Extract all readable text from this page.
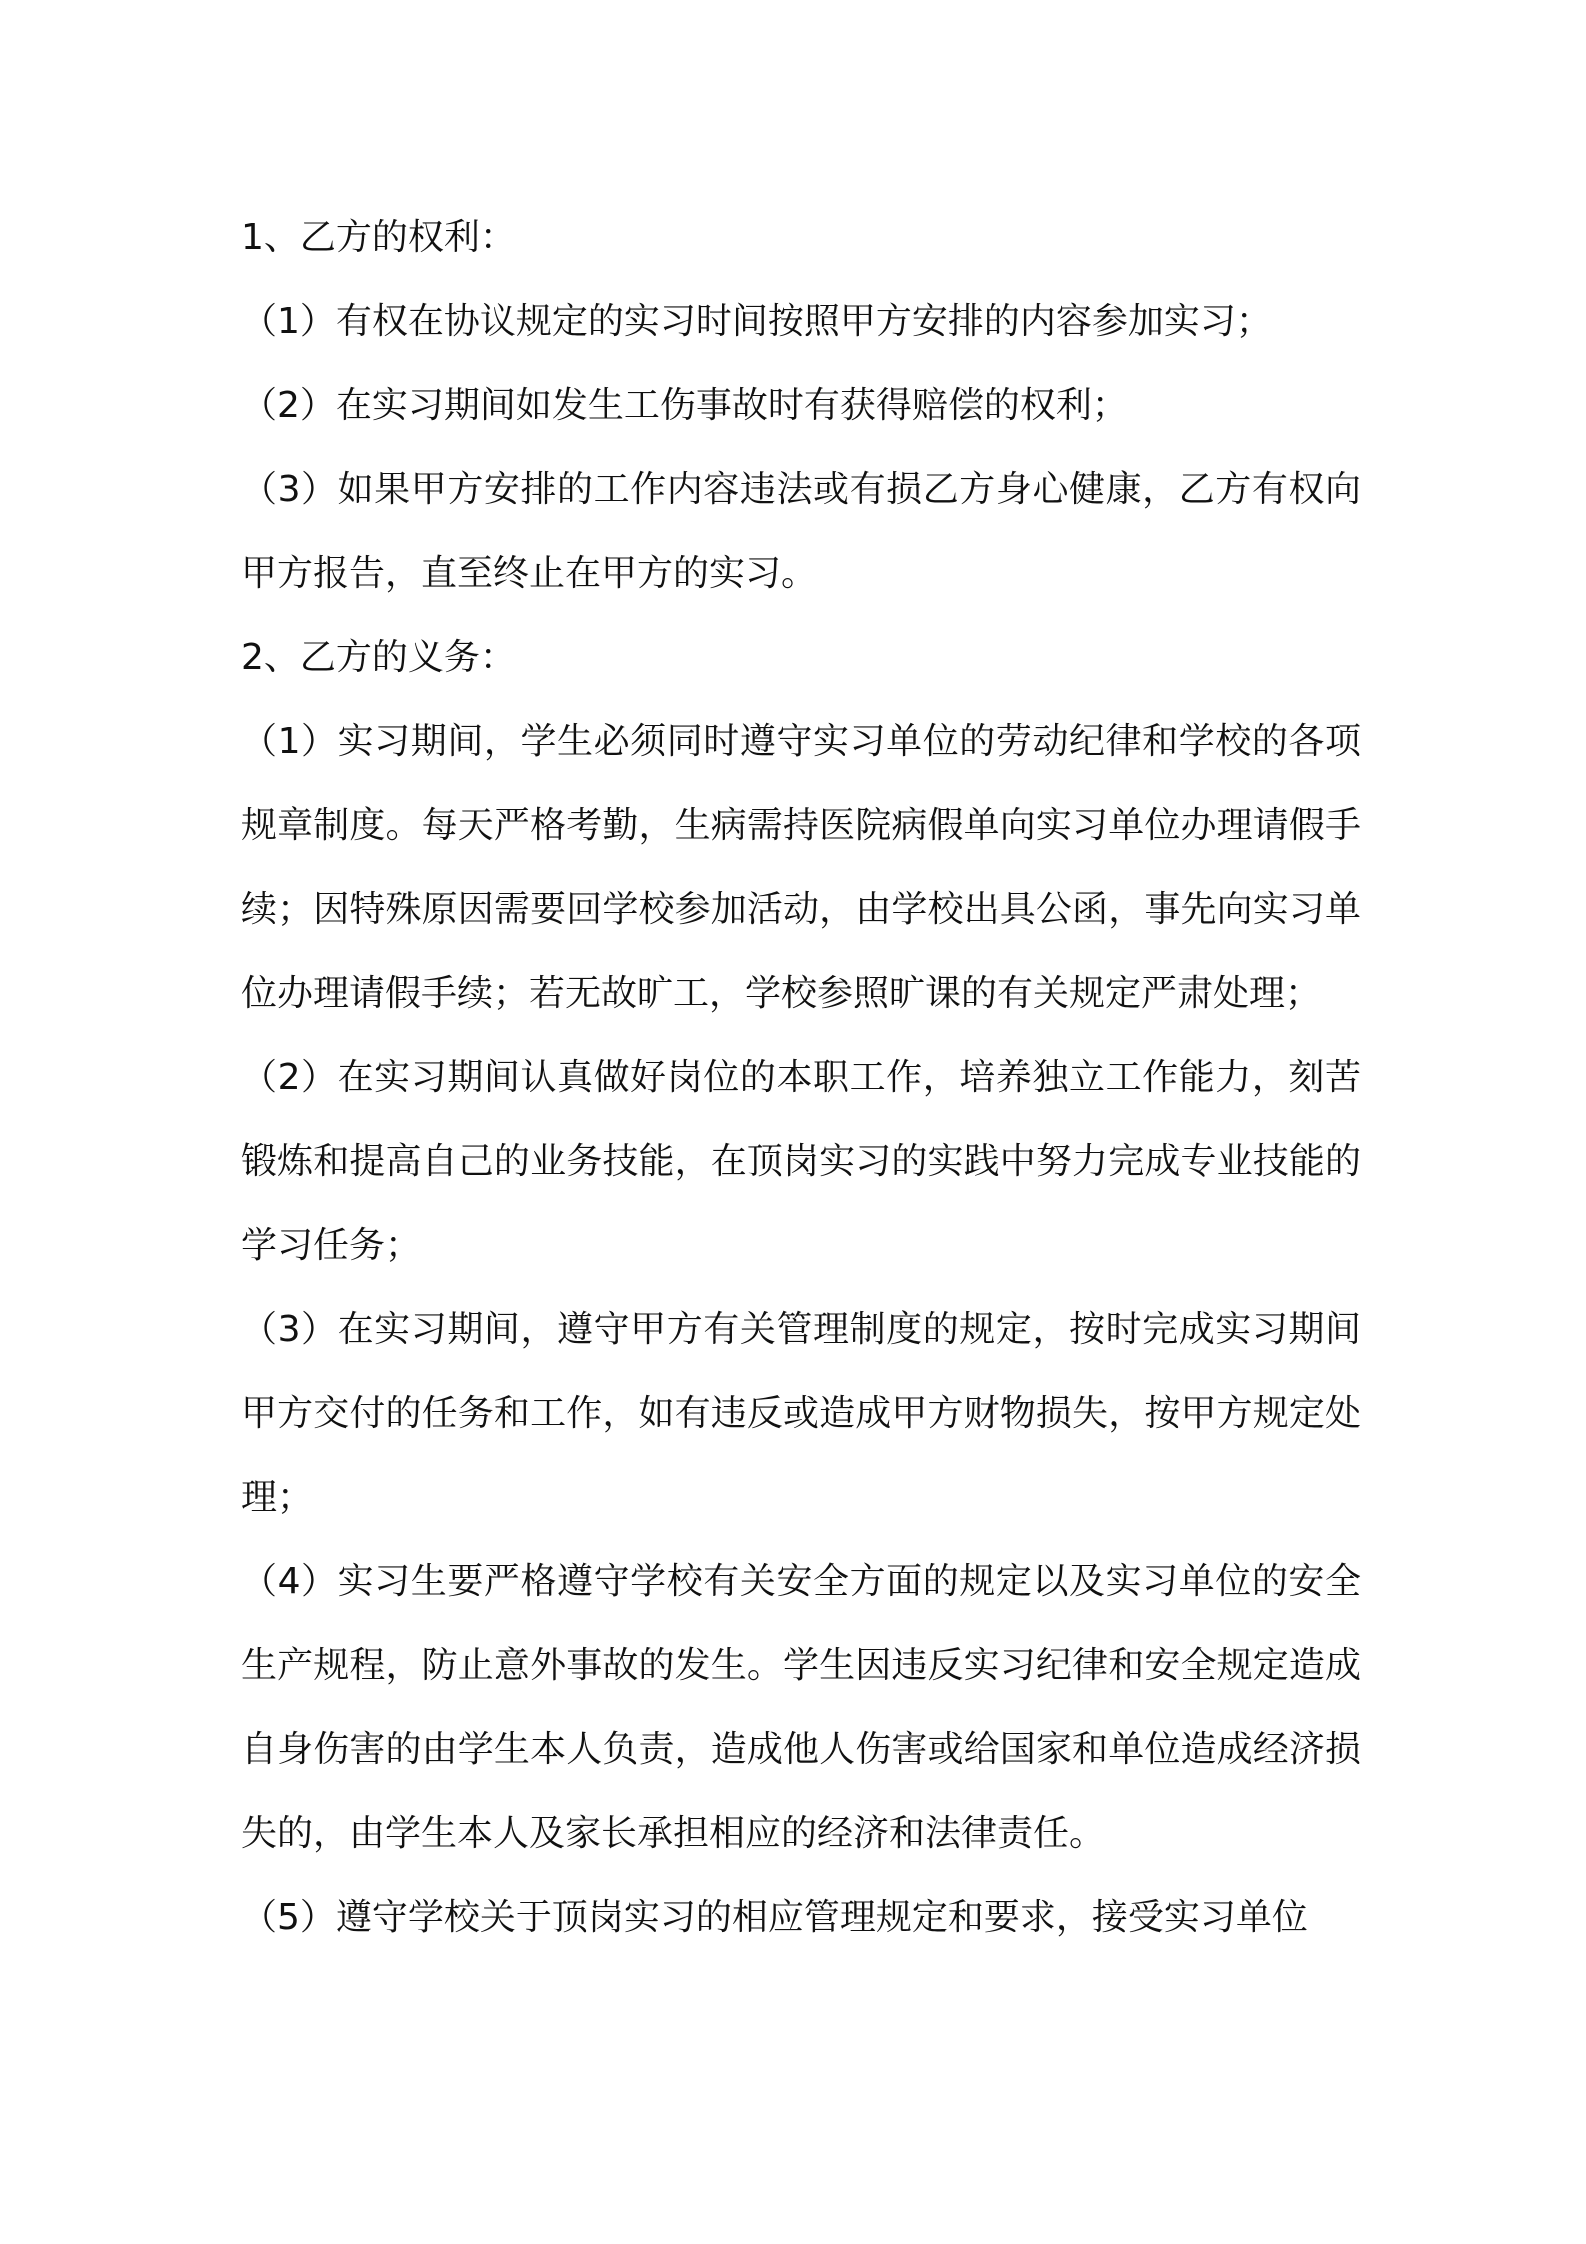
1、乙方的权利：

（1）有权在协议规定的实习时间按照甲方安排的内容参加实习；

（2）在实习期间如发生工伤事故时有获得赔偿的权利；

（3）如果甲方安排的工作内容违法或有损乙方身心健康，乙方有权向甲方报告，直至终止在甲方的实习。

2、乙方的义务：

（1）实习期间，学生必须同时遵守实习单位的劳动纪律和学校的各项规章制度。每天严格考勤，生病需持医院病假单向实习单位办理请假手续；因特殊原因需要回学校参加活动，由学校出具公函，事先向实习单位办理请假手续；若无故旷工，学校参照旷课的有关规定严肃处理；

（2）在实习期间认真做好岗位的本职工作，培养独立工作能力，刻苦锻炼和提高自己的业务技能，在顶岗实习的实践中努力完成专业技能的学习任务；

（3）在实习期间，遵守甲方有关管理制度的规定，按时完成实习期间甲方交付的任务和工作，如有违反或造成甲方财物损失，按甲方规定处理；

（4）实习生要严格遵守学校有关安全方面的规定以及实习单位的安全生产规程，防止意外事故的发生。学生因违反实习纪律和安全规定造成自身伤害的由学生本人负责，造成他人伤害或给国家和单位造成经济损失的，由学生本人及家长承担相应的经济和法律责任。

（5）遵守学校关于顶岗实习的相应管理规定和要求，接受实习单位
